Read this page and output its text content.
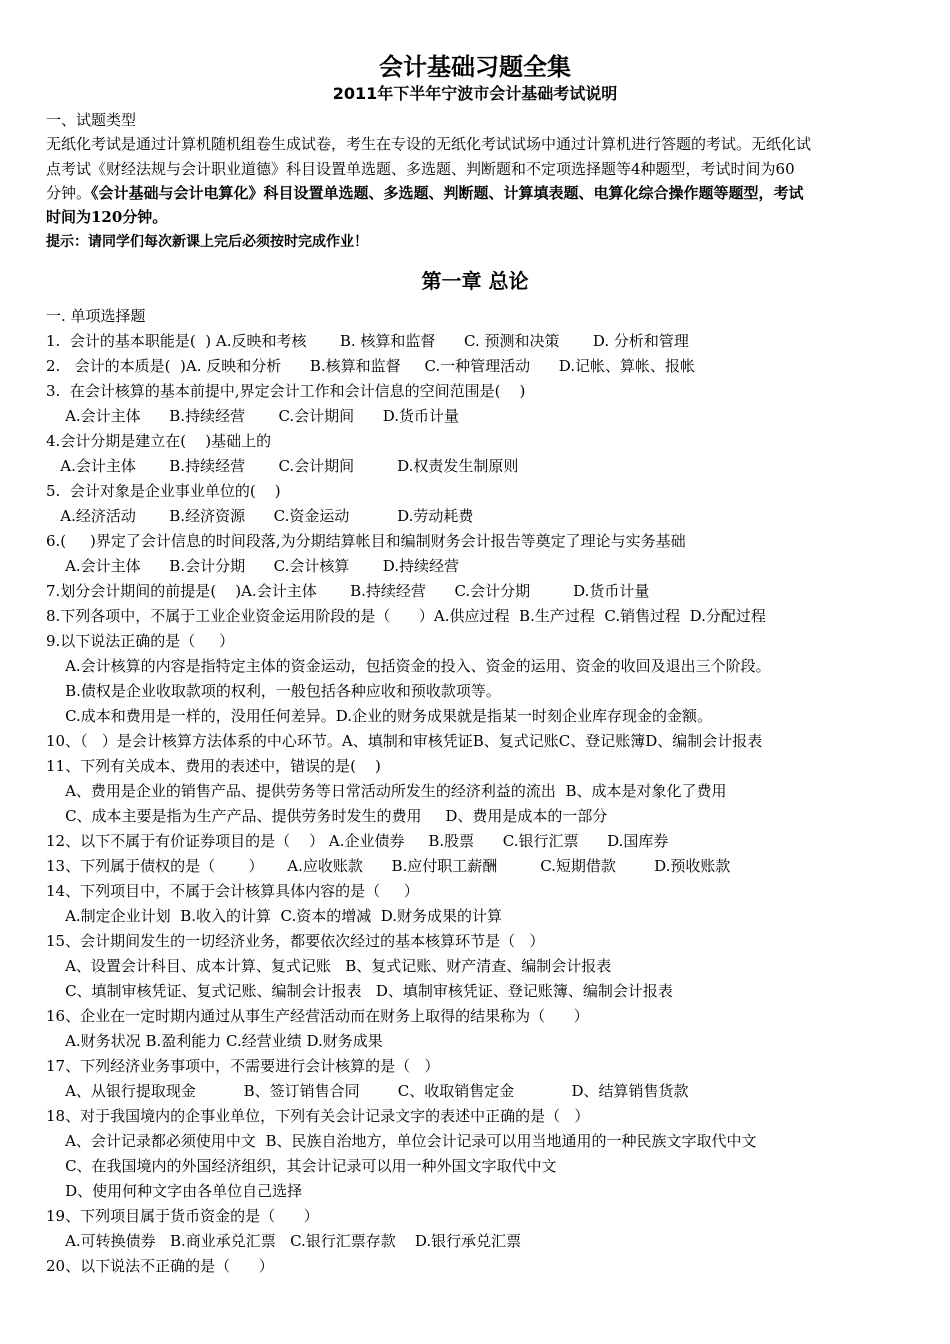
会计基础习题全集
2011年下半年宁波市会计基础考试说明
一、试题类型
无纸化考试是通过计算机随机组卷生成试卷，考生在专设的无纸化考试试场中通过计算机进行答题的考试。无纸化试
点考试《财经法规与会计职业道德》科目设置单选题、多选题、判断题和不定项选择题等4种题型，考试时间为60
分钟。《会计基础与会计电算化》科目设置单选题、多选题、判断题、计算填表题、电算化综合操作题等题型，考试
时间为120分钟。
提示：请同学们每次新课上完后必须按时完成作业！
第一章 总论
一. 单项选择题
1.  会计的基本职能是(  ) A.反映和考核       B. 核算和监督      C. 预测和决策       D. 分析和管理
2.   会计的本质是(  )A. 反映和分析      B.核算和监督     C.一种管理活动      D.记帐、算帐、报帐
3.  在会计核算的基本前提中,界定会计工作和会计信息的空间范围是(    )
A.会计主体      B.持续经营       C.会计期间      D.货币计量
4.会计分期是建立在(    )基础上的
A.会计主体       B.持续经营       C.会计期间         D.权责发生制原则
5.  会计对象是企业事业单位的(    )
A.经济活动       B.经济资源      C.资金运动          D.劳动耗费
6.(     )界定了会计信息的时间段落,为分期结算帐目和编制财务会计报告等奠定了理论与实务基础
A.会计主体      B.会计分期      C.会计核算       D.持续经营
7.划分会计期间的前提是(    )A.会计主体       B.持续经营      C.会计分期         D.货币计量
8.下列各项中，不属于工业企业资金运用阶段的是（      ）A.供应过程  B.生产过程  C.销售过程  D.分配过程
9.以下说法正确的是（     ）
A.会计核算的内容是指特定主体的资金运动，包括资金的投入、资金的运用、资金的收回及退出三个阶段。
B.债权是企业收取款项的权利，一般包括各种应收和预收款项等。
C.成本和费用是一样的，没用任何差异。D.企业的财务成果就是指某一时刻企业库存现金的金额。
10、（   ）是会计核算方法体系的中心环节。A、填制和审核凭证B、复式记账C、登记账簿D、编制会计报表
11、下列有关成本、费用的表述中，错误的是(    )
A、费用是企业的销售产品、提供劳务等日常活动所发生的经济利益的流出  B、成本是对象化了费用
C、成本主要是指为生产产品、提供劳务时发生的费用     D、费用是成本的一部分
12、以下不属于有价证券项目的是（    ） A.企业债券     B.股票      C.银行汇票      D.国库券
13、下列属于债权的是（       ）     A.应收账款      B.应付职工薪酬         C.短期借款        D.预收账款
14、下列项目中，不属于会计核算具体内容的是（     ）
A.制定企业计划  B.收入的计算  C.资本的增减  D.财务成果的计算
15、会计期间发生的一切经济业务，都要依次经过的基本核算环节是（   ）
A、设置会计科目、成本计算、复式记账   B、复式记账、财产清查、编制会计报表
C、填制审核凭证、复式记账、编制会计报表   D、填制审核凭证、登记账簿、编制会计报表
16、企业在一定时期内通过从事生产经营活动而在财务上取得的结果称为（      ）
A.财务状况 B.盈利能力 C.经营业绩 D.财务成果
17、下列经济业务事项中，不需要进行会计核算的是（   ）
A、从银行提取现金          B、签订销售合同        C、收取销售定金            D、结算销售货款
18、对于我国境内的企事业单位，下列有关会计记录文字的表述中正确的是（   ）
A、会计记录都必须使用中文  B、民族自治地方，单位会计记录可以用当地通用的一种民族文字取代中文
C、在我国境内的外国经济组织，其会计记录可以用一种外国文字取代中文
D、使用何种文字由各单位自己选择
19、下列项目属于货币资金的是（      ）
A.可转换债券   B.商业承兑汇票   C.银行汇票存款    D.银行承兑汇票
20、以下说法不正确的是（      ）
